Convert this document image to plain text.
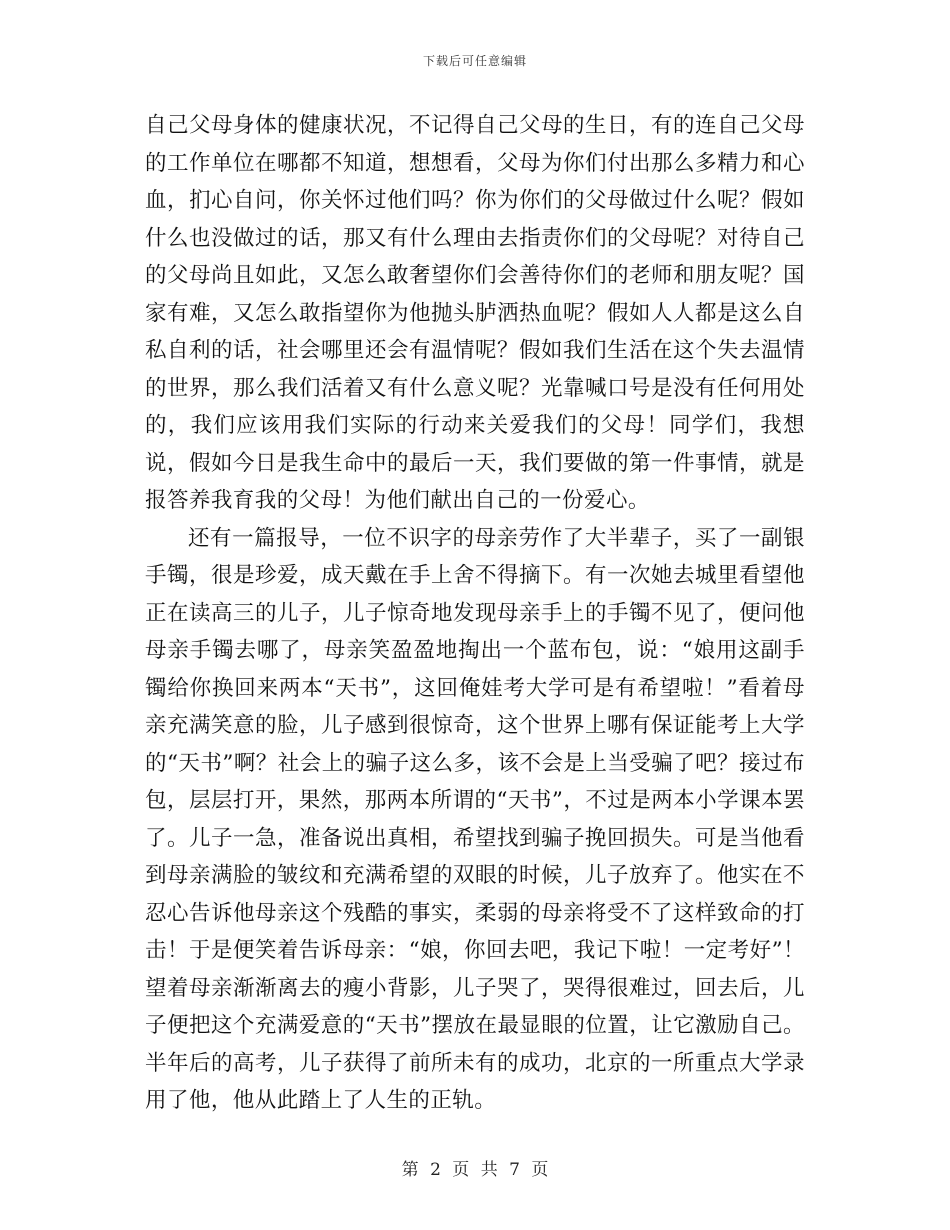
下载后可任意编辑

自己父母身体的健康状况，不记得自己父母的生日，有的连自己父母的工作单位在哪都不知道，想想看，父母为你们付出那么多精力和心血，扪心自问，你关怀过他们吗？你为你们的父母做过什么呢？假如什么也没做过的话，那又有什么理由去指责你们的父母呢？对待自己的父母尚且如此，又怎么敢奢望你们会善待你们的老师和朋友呢？国家有难，又怎么敢指望你为他抛头胪洒热血呢？假如人人都是这么自私自利的话，社会哪里还会有温情呢？假如我们生活在这个失去温情的世界，那么我们活着又有什么意义呢？光靠喊口号是没有任何用处的，我们应该用我们实际的行动来关爱我们的父母！同学们，我想说，假如今日是我生命中的最后一天，我们要做的第一件事情，就是报答养我育我的父母！为他们献出自己的一份爱心。

还有一篇报导，一位不识字的母亲劳作了大半辈子，买了一副银手镯，很是珍爱，成天戴在手上舍不得摘下。有一次她去城里看望他正在读高三的儿子，儿子惊奇地发现母亲手上的手镯不见了，便问他母亲手镯去哪了，母亲笑盈盈地掏出一个蓝布包，说：“娘用这副手镯给你换回来两本“天书”，这回俺娃考大学可是有希望啦！”看着母亲充满笑意的脸，儿子感到很惊奇，这个世界上哪有保证能考上大学的“天书”啊？社会上的骗子这么多，该不会是上当受骗了吧？接过布包，层层打开，果然，那两本所谓的“天书”，不过是两本小学课本罢了。儿子一急，准备说出真相，希望找到骗子挽回损失。可是当他看到母亲满脸的皱纹和充满希望的双眼的时候，儿子放弃了。他实在不忍心告诉他母亲这个残酷的事实，柔弱的母亲将受不了这样致命的打击！于是便笑着告诉母亲：“娘，你回去吧，我记下啦！一定考好”！望着母亲渐渐离去的瘦小背影，儿子哭了，哭得很难过，回去后，儿子便把这个充满爱意的“天书”摆放在最显眼的位置，让它激励自己。半年后的高考，儿子获得了前所未有的成功，北京的一所重点大学录用了他，他从此踏上了人生的正轨。

第 2 页 共 7 页
